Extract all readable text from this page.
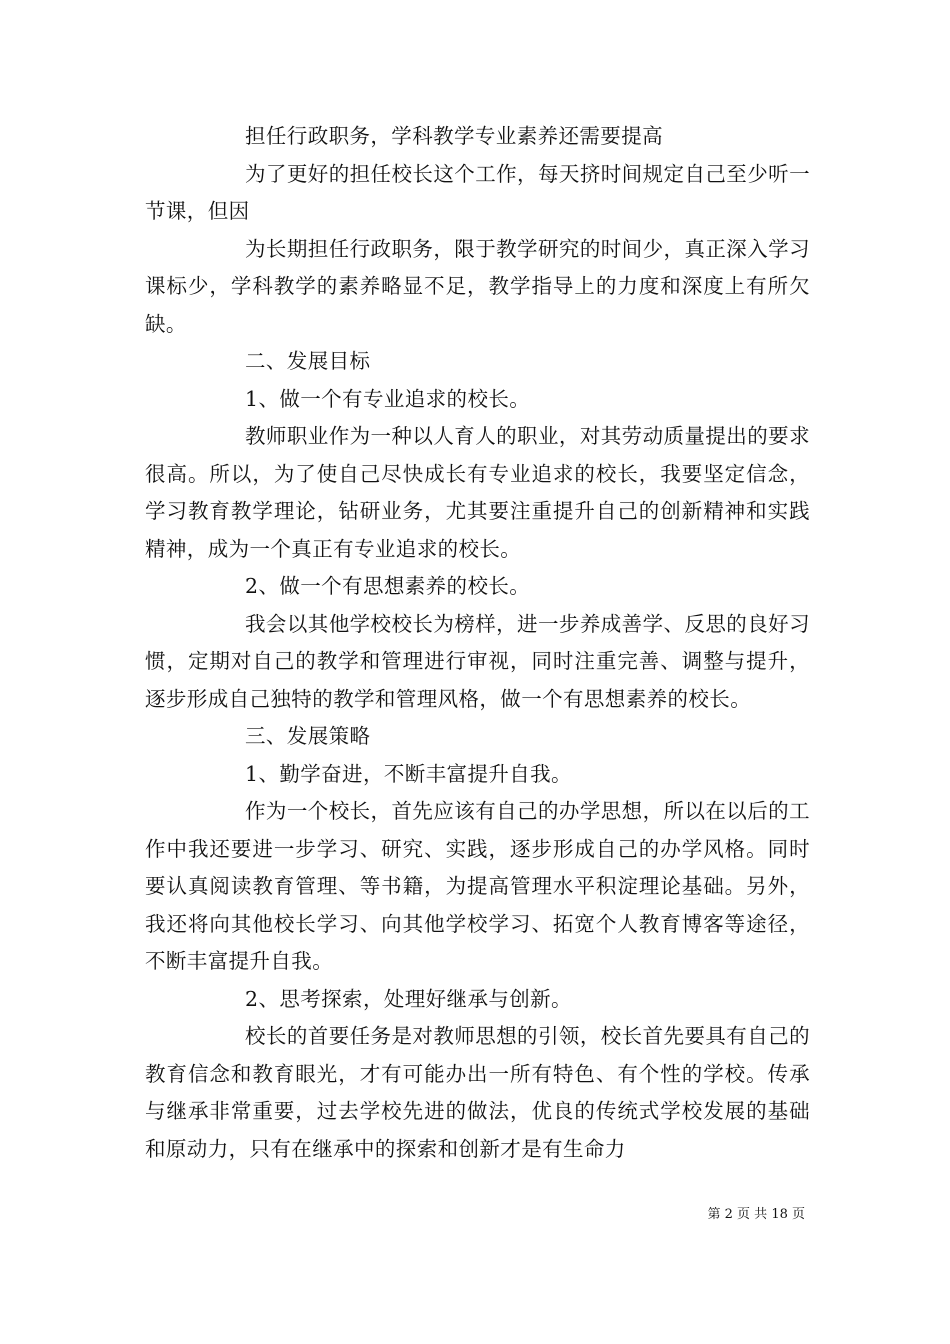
担任行政职务，学科教学专业素养还需要提高

为了更好的担任校长这个工作，每天挤时间规定自己至少听一节课，但因

为长期担任行政职务，限于教学研究的时间少，真正深入学习课标少，学科教学的素养略显不足，教学指导上的力度和深度上有所欠缺。

二、发展目标

1、做一个有专业追求的校长。

教师职业作为一种以人育人的职业，对其劳动质量提出的要求很高。所以，为了使自己尽快成长有专业追求的校长，我要坚定信念，学习教育教学理论，钻研业务，尤其要注重提升自己的创新精神和实践精神，成为一个真正有专业追求的校长。

2、做一个有思想素养的校长。

我会以其他学校校长为榜样，进一步养成善学、反思的良好习惯，定期对自己的教学和管理进行审视，同时注重完善、调整与提升，逐步形成自己独特的教学和管理风格，做一个有思想素养的校长。

三、发展策略

1、勤学奋进，不断丰富提升自我。

作为一个校长，首先应该有自己的办学思想，所以在以后的工作中我还要进一步学习、研究、实践，逐步形成自己的办学风格。同时要认真阅读教育管理、等书籍，为提高管理水平积淀理论基础。另外，我还将向其他校长学习、向其他学校学习、拓宽个人教育博客等途径，不断丰富提升自我。

2、思考探索，处理好继承与创新。

校长的首要任务是对教师思想的引领，校长首先要具有自己的教育信念和教育眼光，才有可能办出一所有特色、有个性的学校。传承与继承非常重要，过去学校先进的做法，优良的传统式学校发展的基础和原动力，只有在继承中的探索和创新才是有生命力

第 2 页 共 18 页
